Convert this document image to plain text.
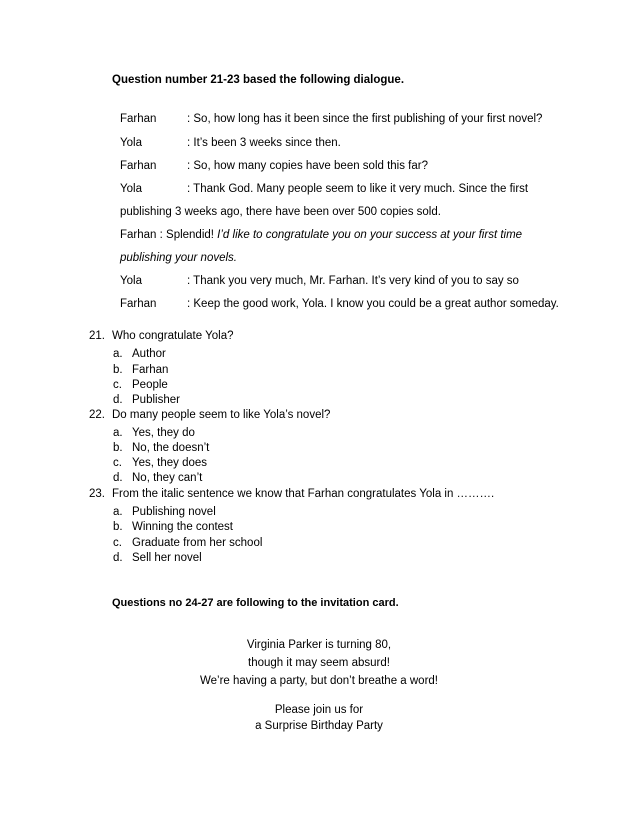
Question number 21-23 based the following dialogue.
Farhan	: So, how long has it been since the first publishing of your first novel?
Yola	: It’s been 3 weeks since then.
Farhan	: So, how many copies have been sold this far?
Yola	: Thank God. Many people seem to like it very much. Since the first
publishing 3 weeks ago, there have been over 500 copies sold.
Farhan : Splendid! I’d like to congratulate you on your success at your first time
publishing your novels.
Yola	: Thank you very much, Mr. Farhan. It’s very kind of you to say so
Farhan	: Keep the good work, Yola. I know you could be a great author someday.
21. Who congratulate Yola?
a. Author
b. Farhan
c. People
d. Publisher
22. Do many people seem to like Yola’s novel?
a. Yes, they do
b. No, the doesn’t
c. Yes, they does
d. No, they can’t
23. From the italic sentence we know that Farhan congratulates Yola in ……….
a. Publishing novel
b. Winning the contest
c. Graduate from her school
d. Sell her novel
Questions no 24-27 are following to the invitation card.
Virginia Parker is turning 80,
though it may seem absurd!
We’re having a party, but don’t breathe a word!
Please join us for
a Surprise Birthday Party
